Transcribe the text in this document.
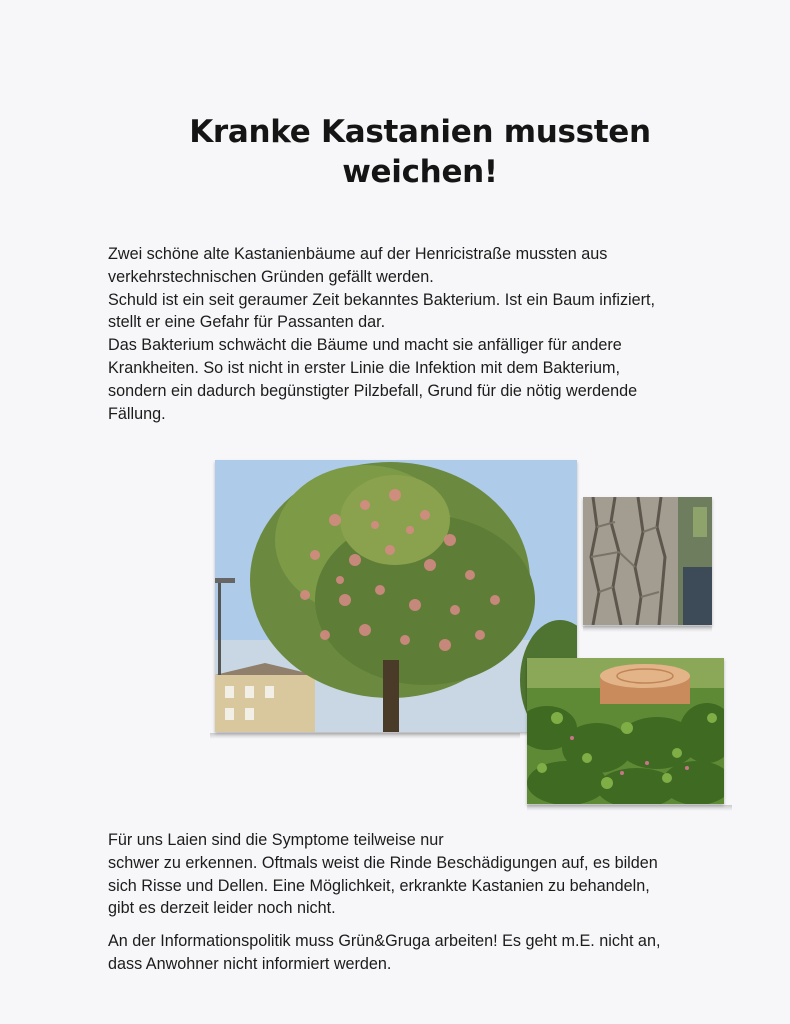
Kranke Kastanien mussten
weichen!
Zwei schöne alte Kastanienbäume auf der Henricistraße mussten aus
verkehrstechnischen Gründen gefällt werden.
Schuld ist ein seit geraumer Zeit bekanntes Bakterium. Ist ein Baum infiziert,
stellt er eine Gefahr für Passanten dar.
Das Bakterium schwächt die Bäume und macht sie anfälliger für andere
Krankheiten. So ist nicht in erster Linie die Infektion mit dem Bakterium,
sondern ein dadurch begünstigter Pilzbefall, Grund für die nötig werdende
Fällung.
Für uns Laien sind die Symptome teilweise nur
schwer zu erkennen. Oftmals weist die Rinde Beschädigungen auf, es bilden
sich Risse und Dellen. Eine Möglichkeit, erkrankte Kastanien zu behandeln,
gibt es derzeit leider noch nicht.
An der Informationspolitik muss Grün&Gruga arbeiten! Es geht m.E. nicht an,
dass Anwohner nicht informiert werden.
